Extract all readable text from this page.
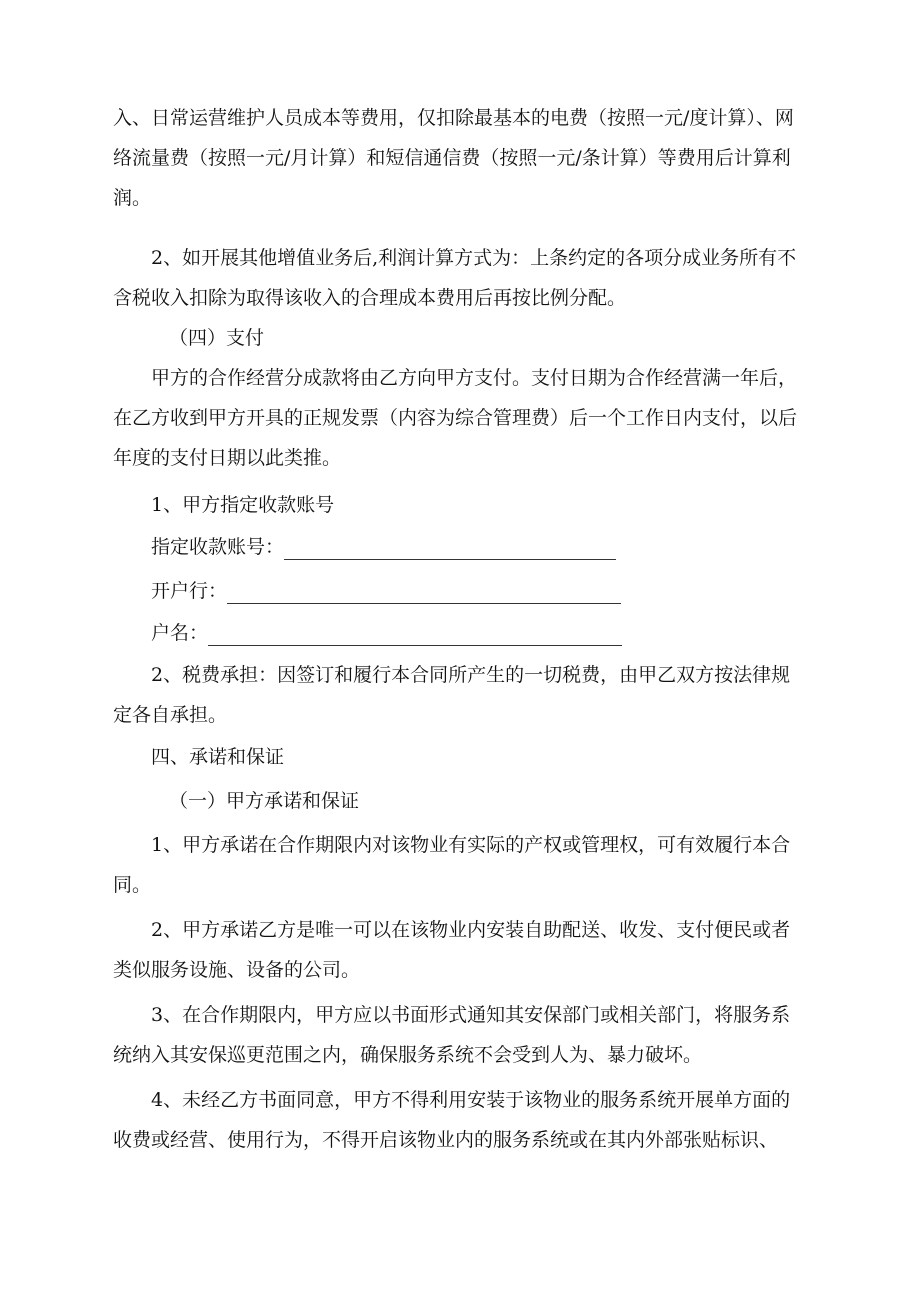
入、日常运营维护人员成本等费用，仅扣除最基本的电费（按照一元/度计算）、网络流量费（按照一元/月计算）和短信通信费（按照一元/条计算）等费用后计算利润。

2、如开展其他增值业务后,利润计算方式为：上条约定的各项分成业务所有不含税收入扣除为取得该收入的合理成本费用后再按比例分配。

（四）支付

甲方的合作经营分成款将由乙方向甲方支付。支付日期为合作经营满一年后，在乙方收到甲方开具的正规发票（内容为综合管理费）后一个工作日内支付，以后年度的支付日期以此类推。

1、甲方指定收款账号

指定收款账号：
开户行：
户名：

2、税费承担：因签订和履行本合同所产生的一切税费，由甲乙双方按法律规定各自承担。

四、承诺和保证

（一）甲方承诺和保证

1、甲方承诺在合作期限内对该物业有实际的产权或管理权，可有效履行本合同。

2、甲方承诺乙方是唯一可以在该物业内安装自助配送、收发、支付便民或者类似服务设施、设备的公司。

3、在合作期限内，甲方应以书面形式通知其安保部门或相关部门，将服务系统纳入其安保巡更范围之内，确保服务系统不会受到人为、暴力破坏。

4、未经乙方书面同意，甲方不得利用安装于该物业的服务系统开展单方面的收费或经营、使用行为，不得开启该物业内的服务系统或在其内外部张贴标识、
